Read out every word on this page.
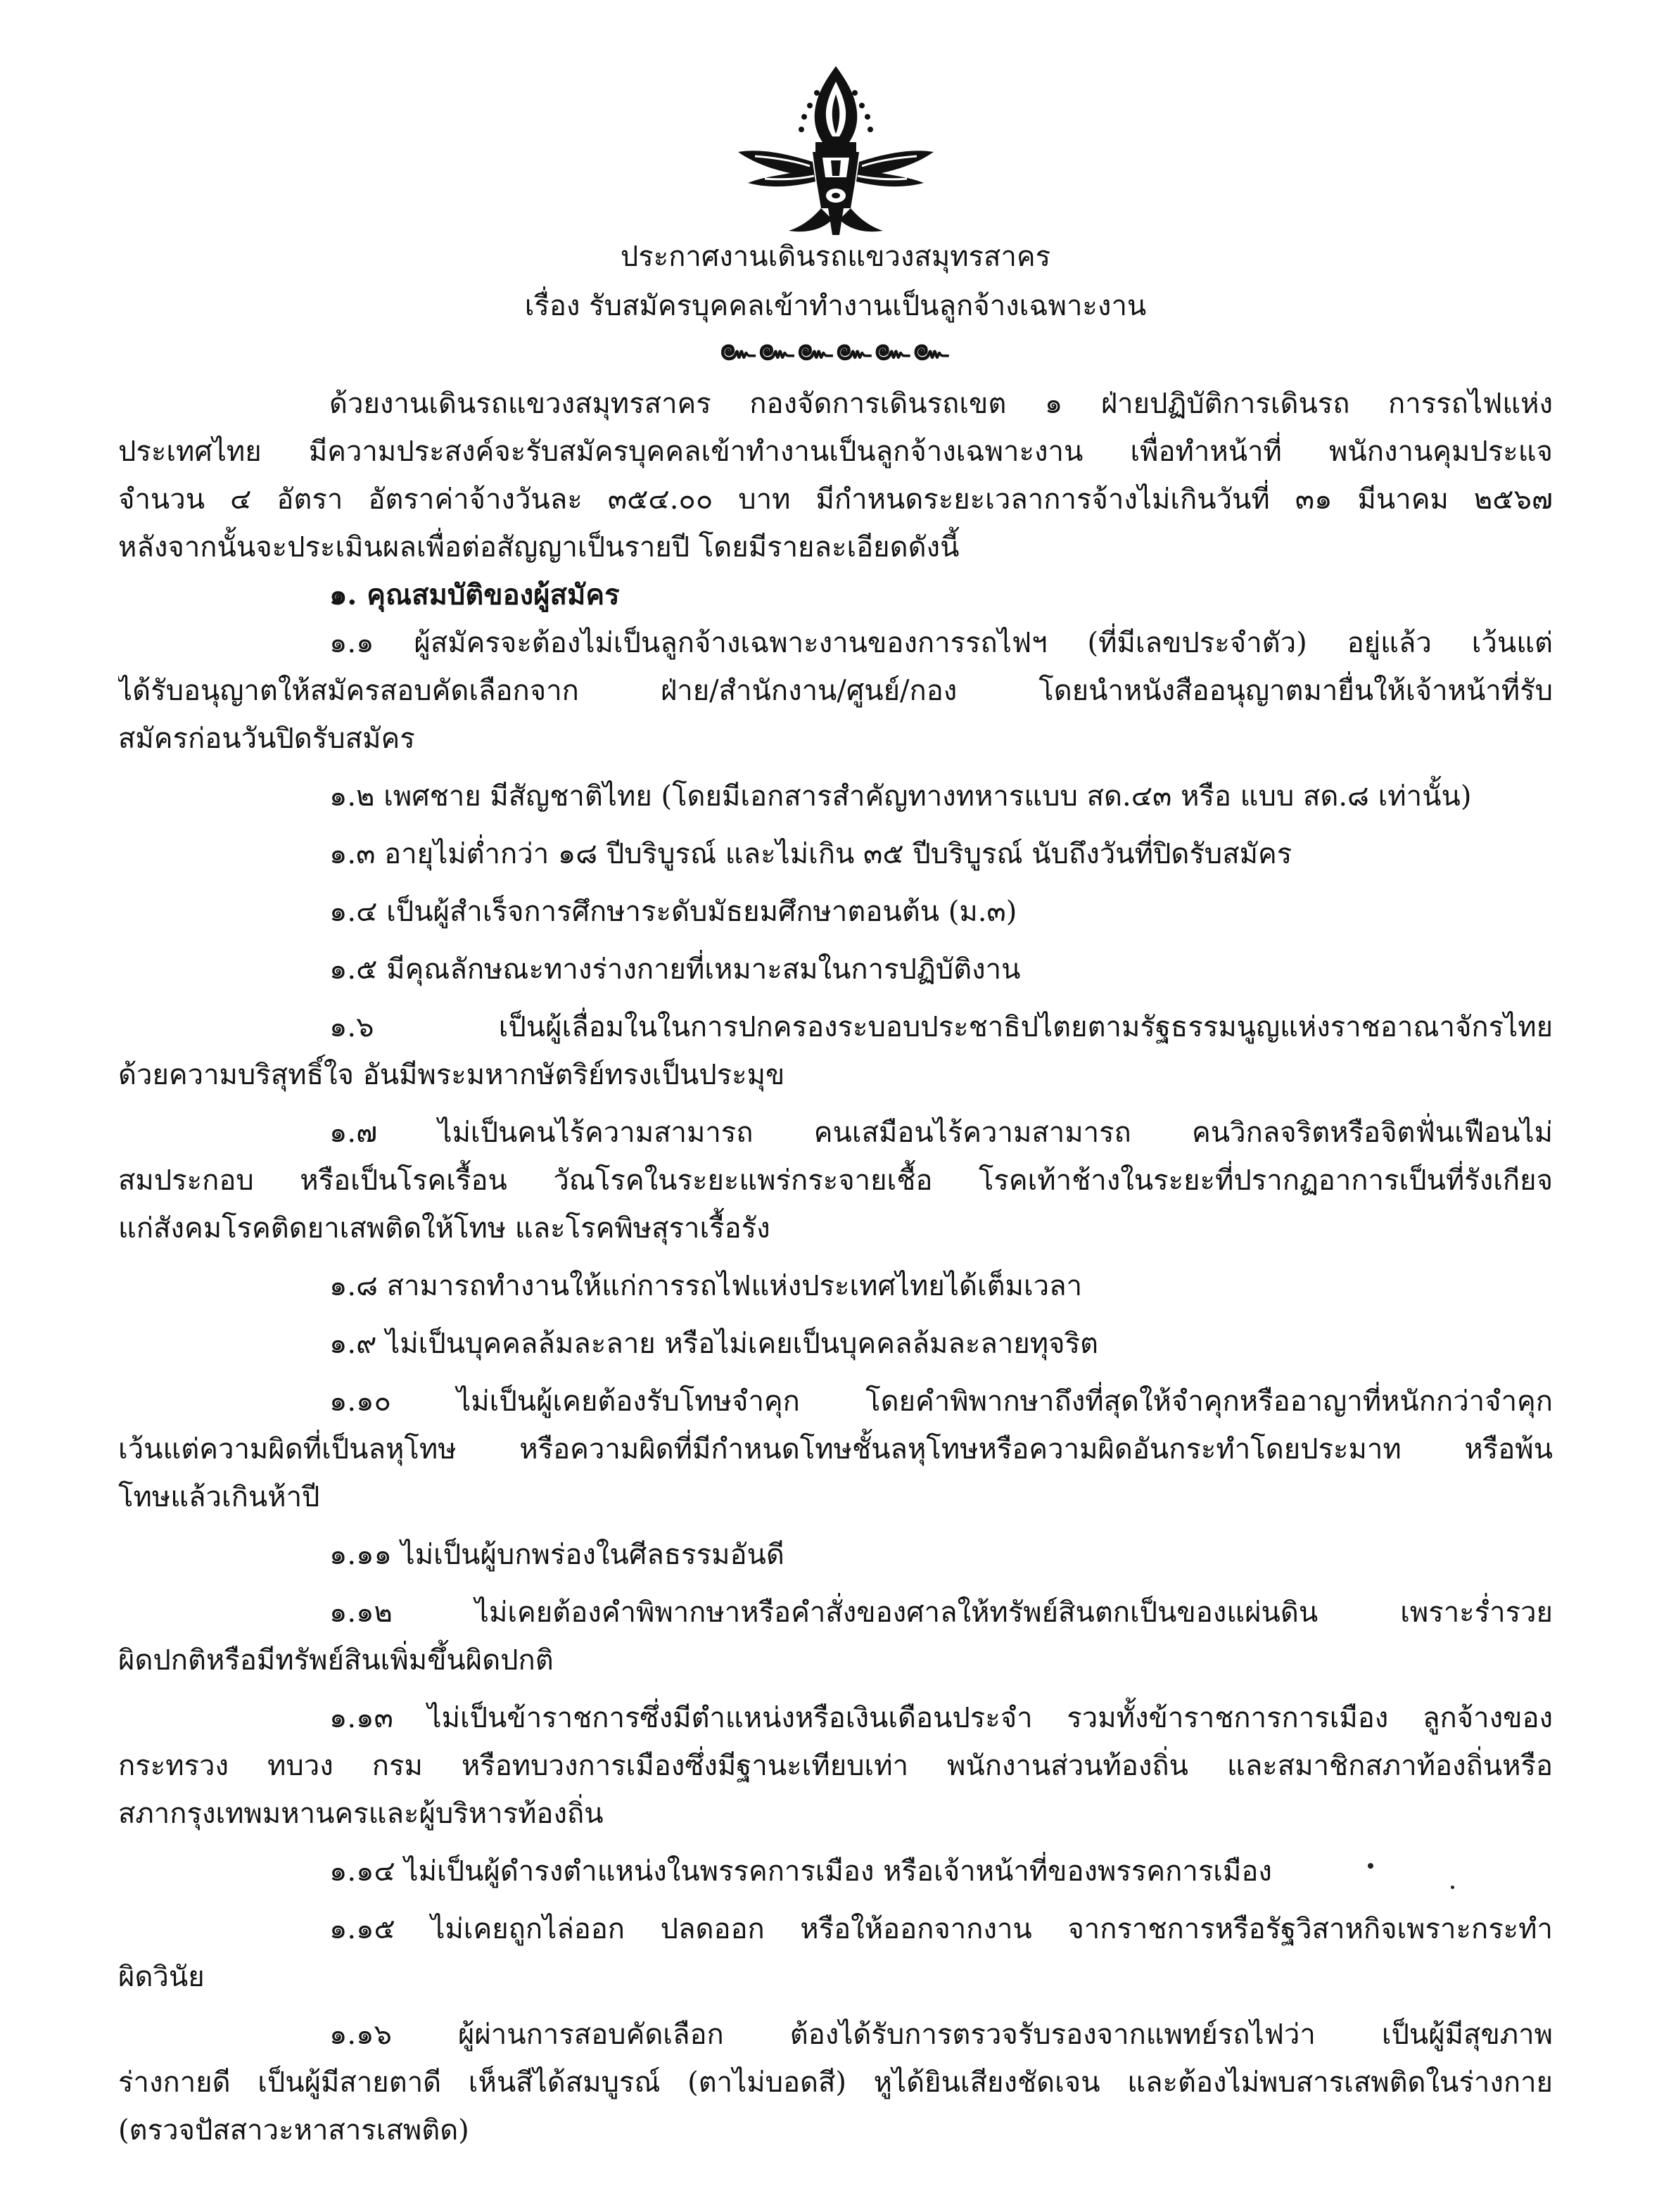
ประกาศงานเดินรถแขวงสมุทรสาคร
เรื่อง รับสมัครบุคคลเข้าทำงานเป็นลูกจ้างเฉพาะงาน
๛๛๛๛๛๛
ด้วยงานเดินรถแขวงสมุทรสาคร กองจัดการเดินรถเขต ๑ ฝ่ายปฏิบัติการเดินรถ การรถไฟแห่ง
ประเทศไทย มีความประสงค์จะรับสมัครบุคคลเข้าทำงานเป็นลูกจ้างเฉพาะงาน เพื่อทำหน้าที่ พนักงานคุมประแจ
จำนวน ๔ อัตรา อัตราค่าจ้างวันละ ๓๕๔.๐๐ บาท มีกำหนดระยะเวลาการจ้างไม่เกินวันที่ ๓๑ มีนาคม ๒๕๖๗
หลังจากนั้นจะประเมินผลเพื่อต่อสัญญาเป็นรายปี โดยมีรายละเอียดดังนี้
๑. คุณสมบัติของผู้สมัคร
๑.๑ ผู้สมัครจะต้องไม่เป็นลูกจ้างเฉพาะงานของการรถไฟฯ (ที่มีเลขประจำตัว) อยู่แล้ว เว้นแต่
ได้รับอนุญาตให้สมัครสอบคัดเลือกจาก ฝ่าย/สำนักงาน/ศูนย์/กอง โดยนำหนังสืออนุญาตมายื่นให้เจ้าหน้าที่รับ
สมัครก่อนวันปิดรับสมัคร
๑.๒ เพศชาย มีสัญชาติไทย (โดยมีเอกสารสำคัญทางทหารแบบ สด.๔๓ หรือ แบบ สด.๘ เท่านั้น)
๑.๓ อายุไม่ต่ำกว่า ๑๘ ปีบริบูรณ์ และไม่เกิน ๓๕ ปีบริบูรณ์ นับถึงวันที่ปิดรับสมัคร
๑.๔ เป็นผู้สำเร็จการศึกษาระดับมัธยมศึกษาตอนต้น (ม.๓)
๑.๕ มีคุณลักษณะทางร่างกายที่เหมาะสมในการปฏิบัติงาน
๑.๖ เป็นผู้เลื่อมในในการปกครองระบอบประชาธิปไตยตามรัฐธรรมนูญแห่งราชอาณาจักรไทย
ด้วยความบริสุทธิ์ใจ อันมีพระมหากษัตริย์ทรงเป็นประมุข
๑.๗ ไม่เป็นคนไร้ความสามารถ คนเสมือนไร้ความสามารถ คนวิกลจริตหรือจิตฟั่นเฟือนไม่
สมประกอบ หรือเป็นโรคเรื้อน วัณโรคในระยะแพร่กระจายเชื้อ โรคเท้าช้างในระยะที่ปรากฏอาการเป็นที่รังเกียจ
แก่สังคมโรคติดยาเสพติดให้โทษ และโรคพิษสุราเรื้อรัง
๑.๘ สามารถทำงานให้แก่การรถไฟแห่งประเทศไทยได้เต็มเวลา
๑.๙ ไม่เป็นบุคคลล้มละลาย หรือไม่เคยเป็นบุคคลล้มละลายทุจริต
๑.๑๐ ไม่เป็นผู้เคยต้องรับโทษจำคุก โดยคำพิพากษาถึงที่สุดให้จำคุกหรืออาญาที่หนักกว่าจำคุก
เว้นแต่ความผิดที่เป็นลหุโทษ หรือความผิดที่มีกำหนดโทษชั้นลหุโทษหรือความผิดอันกระทำโดยประมาท หรือพ้น
โทษแล้วเกินห้าปี
๑.๑๑ ไม่เป็นผู้บกพร่องในศีลธรรมอันดี
๑.๑๒ ไม่เคยต้องคำพิพากษาหรือคำสั่งของศาลให้ทรัพย์สินตกเป็นของแผ่นดิน เพราะร่ำรวย
ผิดปกติหรือมีทรัพย์สินเพิ่มขึ้นผิดปกติ
๑.๑๓ ไม่เป็นข้าราชการซึ่งมีตำแหน่งหรือเงินเดือนประจำ รวมทั้งข้าราชการการเมือง ลูกจ้างของ
กระทรวง ทบวง กรม หรือทบวงการเมืองซึ่งมีฐานะเทียบเท่า พนักงานส่วนท้องถิ่น และสมาชิกสภาท้องถิ่นหรือ
สภากรุงเทพมหานครและผู้บริหารท้องถิ่น
๑.๑๔ ไม่เป็นผู้ดำรงตำแหน่งในพรรคการเมือง หรือเจ้าหน้าที่ของพรรคการเมือง
๑.๑๕ ไม่เคยถูกไล่ออก ปลดออก หรือให้ออกจากงาน จากราชการหรือรัฐวิสาหกิจเพราะกระทำ
ผิดวินัย
๑.๑๖ ผู้ผ่านการสอบคัดเลือก ต้องได้รับการตรวจรับรองจากแพทย์รถไฟว่า เป็นผู้มีสุขภาพ
ร่างกายดี เป็นผู้มีสายตาดี เห็นสีได้สมบูรณ์ (ตาไม่บอดสี) หูได้ยินเสียงชัดเจน และต้องไม่พบสารเสพติดในร่างกาย
(ตรวจปัสสาวะหาสารเสพติด)
